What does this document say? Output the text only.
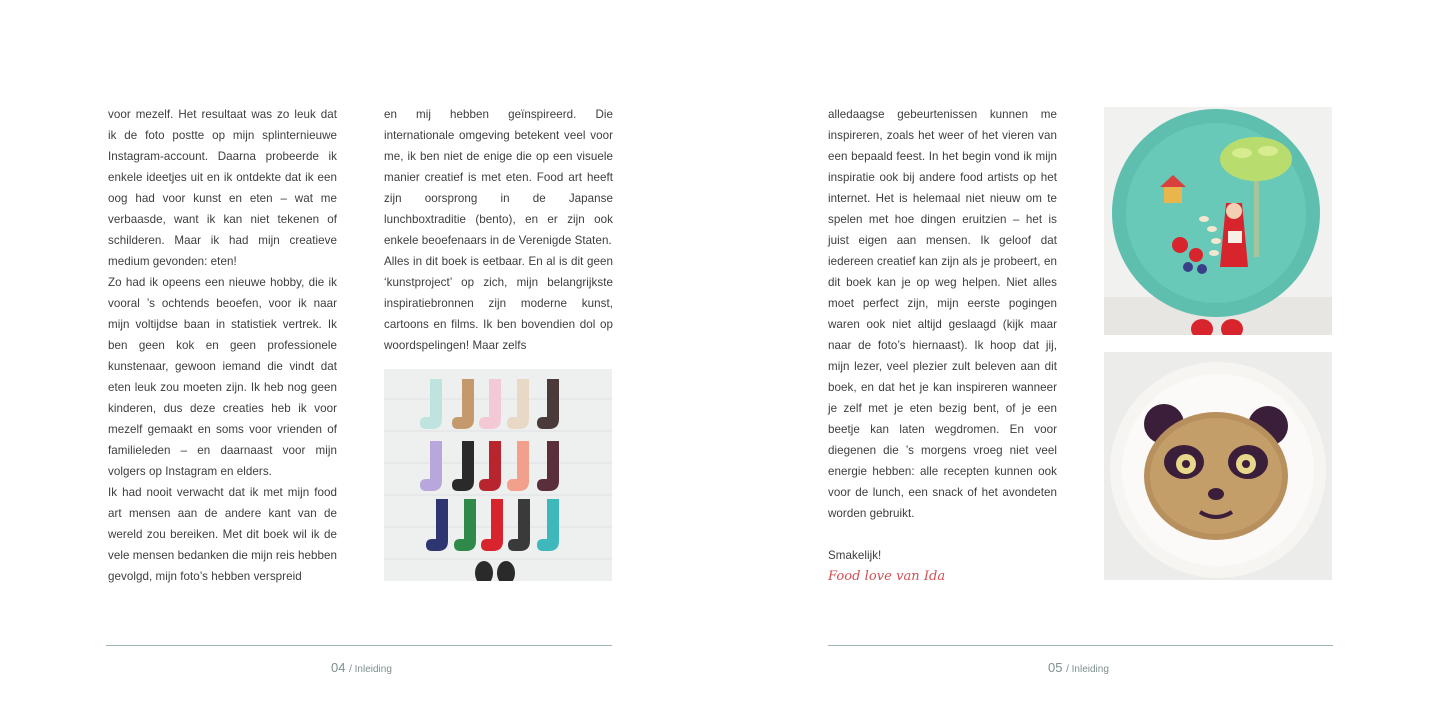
voor mezelf. Het resultaat was zo leuk dat ik de foto postte op mijn splinternieuwe Instagram-account. Daarna probeerde ik enkele ideetjes uit en ik ontdekte dat ik een oog had voor kunst en eten – wat me verbaasde, want ik kan niet tekenen of schilderen. Maar ik had mijn creatieve medium gevonden: eten!

Zo had ik opeens een nieuwe hobby, die ik vooral ’s ochtends beoefen, voor ik naar mijn voltijdse baan in statistiek vertrek. Ik ben geen kok en geen professionele kunstenaar, gewoon iemand die vindt dat eten leuk zou moeten zijn. Ik heb nog geen kinderen, dus deze creaties heb ik voor mezelf gemaakt en soms voor vrienden of familieleden – en daarnaast voor mijn volgers op Instagram en elders.

Ik had nooit verwacht dat ik met mijn food art mensen aan de andere kant van de wereld zou bereiken. Met dit boek wil ik de vele mensen bedanken die mijn reis hebben gevolgd, mijn foto’s hebben verspreid

en mij hebben geïnspireerd. Die internationale omgeving betekent veel voor me, ik ben niet de enige die op een visuele manier creatief is met eten. Food art heeft zijn oorsprong in de Japanse lunchboxtraditie (bento), en er zijn ook enkele beoefenaars in de Verenigde Staten.

Alles in dit boek is eetbaar. En al is dit geen ‘kunstproject’ op zich, mijn belangrijkste inspiratiebronnen zijn moderne kunst, cartoons en films. Ik ben bovendien dol op woordspelingen! Maar zelfs

04 / Inleiding

alledaagse gebeurtenissen kunnen me inspireren, zoals het weer of het vieren van een bepaald feest. In het begin vond ik mijn inspiratie ook bij andere food artists op het internet. Het is helemaal niet nieuw om te spelen met hoe dingen eruitzien – het is juist eigen aan mensen. Ik geloof dat iedereen creatief kan zijn als je probeert, en dit boek kan je op weg helpen. Niet alles moet perfect zijn, mijn eerste pogingen waren ook niet altijd geslaagd (kijk maar naar de foto’s hiernaast). Ik hoop dat jij, mijn lezer, veel plezier zult beleven aan dit boek, en dat het je kan inspireren wanneer je zelf met je eten bezig bent, of je een beetje kan laten wegdromen. En voor diegenen die ’s morgens vroeg niet veel energie hebben: alle recepten kunnen ook voor de lunch, een snack of het avondeten worden gebruikt.

Smakelijk!

Food love van Ida

05 / Inleiding
